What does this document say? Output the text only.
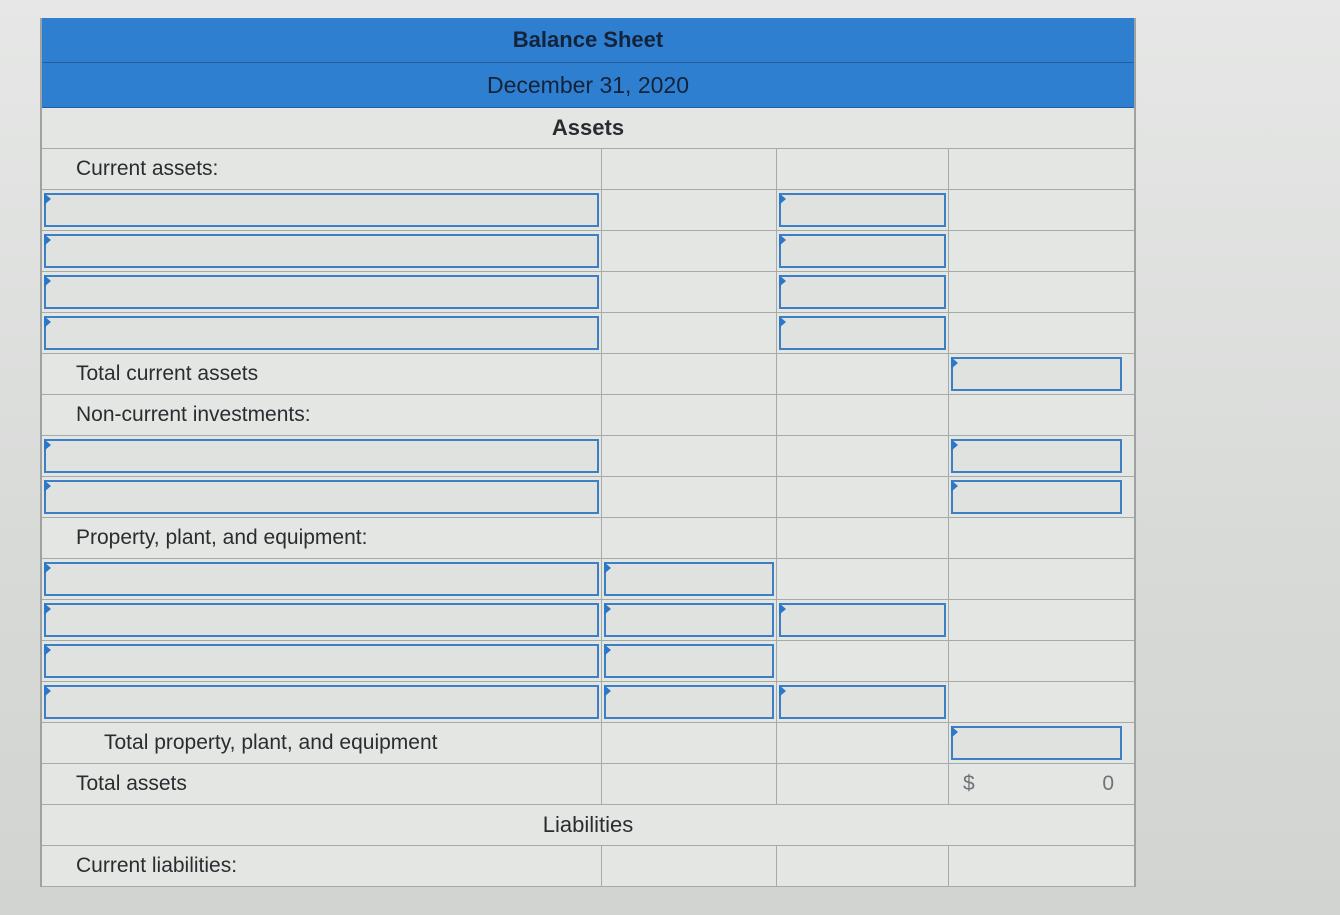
Balance Sheet
December 31, 2020
Assets
Current assets:
Total current assets
Non-current investments:
Property, plant, and equipment:
Total property, plant, and equipment
Total assets	$	0
Liabilities
Current liabilities:
